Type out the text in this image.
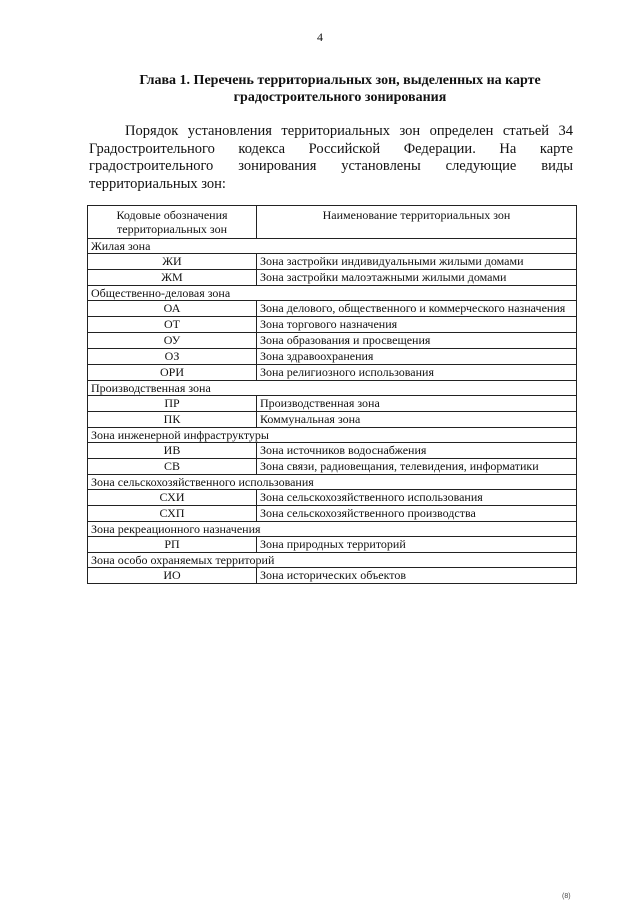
4
Глава 1. Перечень территориальных зон, выделенных на карте градостроительного зонирования
Порядок установления территориальных зон определен статьей 34 Градостроительного кодекса Российской Федерации. На карте градостроительного зонирования установлены следующие виды территориальных зон:
Кодовые обозначения территориальных зон	Наименование территориальных зон
Жилая зона	
ЖИ	Зона застройки индивидуальными жилыми домами
ЖМ	Зона застройки малоэтажными жилыми домами
Общественно-деловая зона	
ОА	Зона делового, общественного и коммерческого назначения
ОТ	Зона торгового назначения
ОУ	Зона образования и просвещения
ОЗ	Зона здравоохранения
ОРИ	Зона религиозного использования
Производственная зона	
ПР	Производственная зона
ПК	Коммунальная зона
Зона инженерной инфраструктуры	
ИВ	Зона источников водоснабжения
СВ	Зона связи, радиовещания, телевидения, информатики
Зона сельскохозяйственного использования	
СХИ	Зона сельскохозяйственного использования
СХП	Зона сельскохозяйственного производства
Зона рекреационного назначения	
РП	Зона природных территорий
Зона особо охраняемых территорий	
ИО	Зона исторических объектов
(8)
